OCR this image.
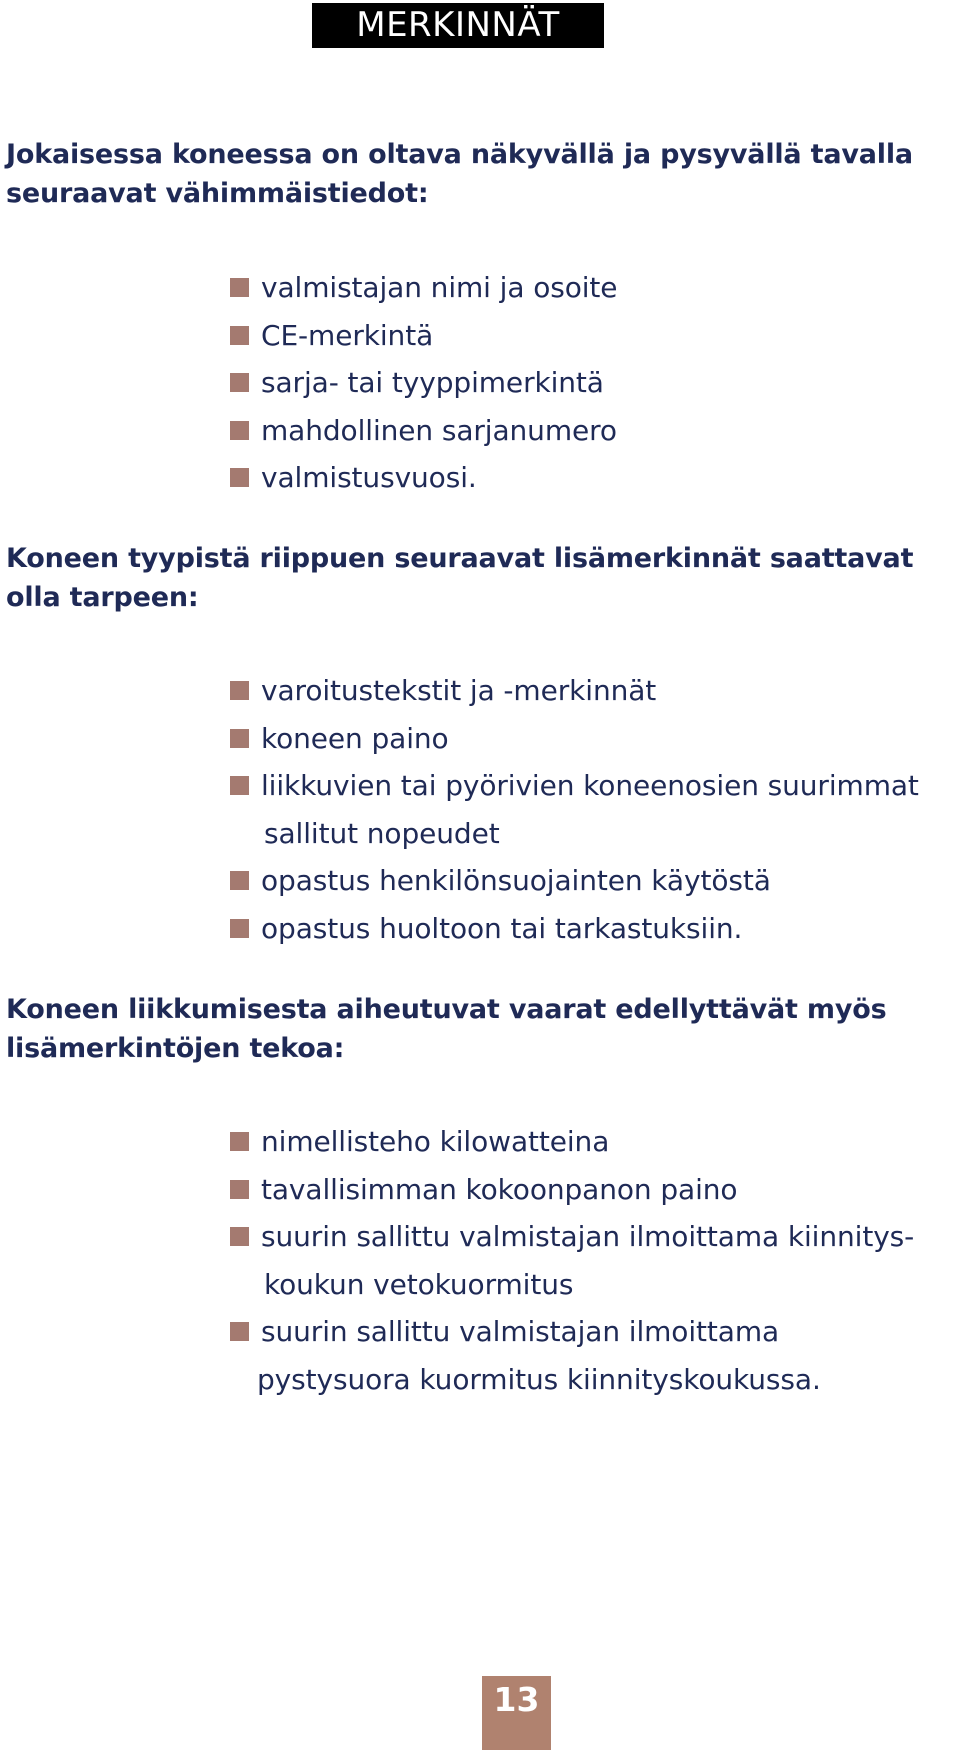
MERKINNÄT

Jokaisessa koneessa on oltava näkyvällä ja pysyvällä tavalla seuraavat vähimmäistiedot:

valmistajan nimi ja osoite
CE-merkintä
sarja- tai tyyppimerkintä
mahdollinen sarjanumero
valmistusvuosi.

Koneen tyypistä riippuen seuraavat lisämerkinnät saattavat olla tarpeen:

varoitustekstit ja -merkinnät
koneen paino
liikkuvien tai pyörivien koneenosien suurimmat
sallitut nopeudet
opastus henkilönsuojainten käytöstä
opastus huoltoon tai tarkastuksiin.

Koneen liikkumisesta aiheutuvat vaarat edellyttävät myös lisämerkintöjen tekoa:

nimellisteho kilowatteina
tavallisimman kokoonpanon paino
suurin sallittu valmistajan ilmoittama kiinnitys-
koukun vetokuormitus
suurin sallittu valmistajan ilmoittama
pystysuora kuormitus kiinnityskoukussa.
13
